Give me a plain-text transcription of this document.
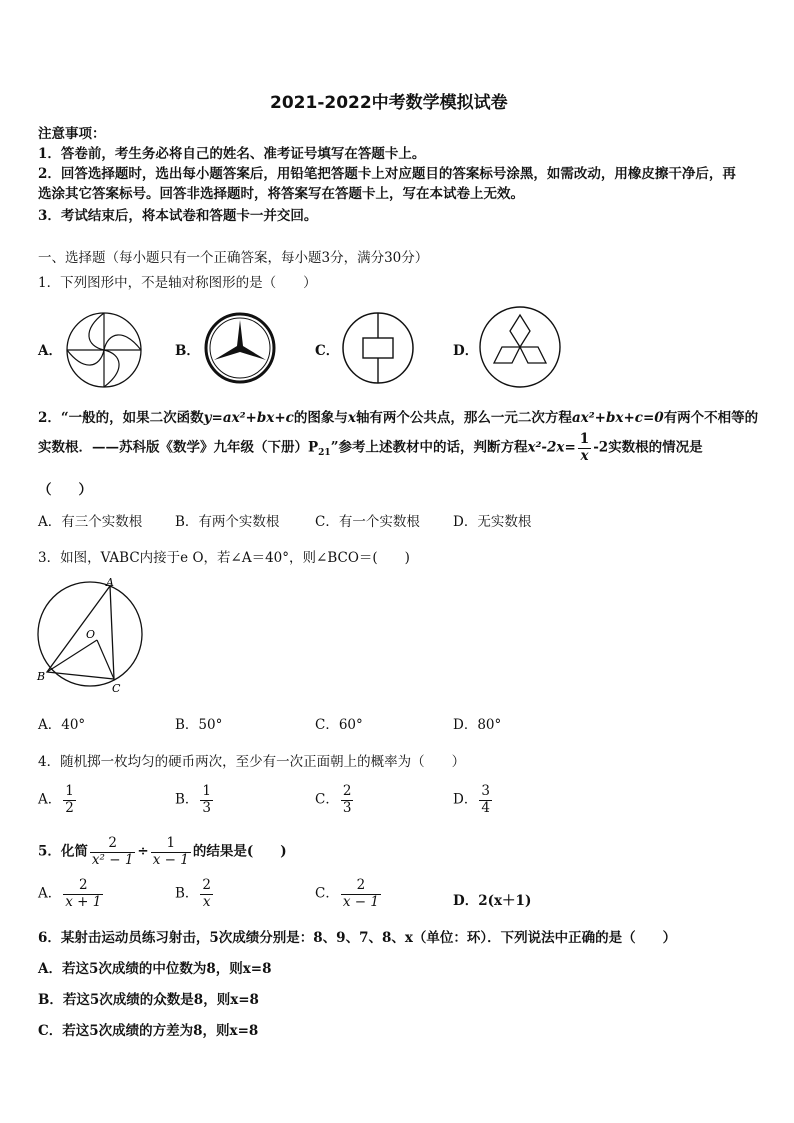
2021-2022中考数学模拟试卷
注意事项：
1．答卷前，考生务必将自己的姓名、准考证号填写在答题卡上。
2．回答选择题时，选出每小题答案后，用铅笔把答题卡上对应题目的答案标号涂黑，如需改动，用橡皮擦干净后，再
选涂其它答案标号。回答非选择题时，将答案写在答题卡上，写在本试卷上无效。
3．考试结束后，将本试卷和答题卡一并交回。
一、选择题（每小题只有一个正确答案，每小题3分，满分30分）
1．下列图形中，不是轴对称图形的是（　　）
A．	B．	C．	D．
2．“一般的，如果二次函数y=ax²+bx+c的图象与x轴有两个公共点，那么一元二次方程ax²+bx+c=0有两个不相等的
实数根．——苏科版《数学》九年级（下册）$P_{21}$”参考上述教材中的话，判断方程$x^2-2x= \frac{1}{x} -2$实数根的情况是
（　　）
A．有三个实数根 B．有两个实数根	C．有一个实数根 D．无实数根
3．如图，VABC内接于e O，若∠A＝40°，则∠BCO＝(　　)
A
O
B
C
A．40°	B．50°	C．60°	D．80°
4．随机掷一枚均匀的硬币两次，至少有一次正面朝上的概率为（　　）
A． $\frac{1}{2}$	B． $\frac{1}{3}$	C． $\frac{2}{3}$	D． $\frac{3}{4}$
5．化简 $\frac{2}{\text{x² − 1}} \div \frac{1}{x - 1}$ 的结果是(　　)
A． $\frac{2}{x + 1}$	B． $\frac{2}{x}$	C． $\frac{2}{x - 1}$	D．2(x＋1)
6．某射击运动员练习射击，5次成绩分别是：8、9、7、8、x（单位：环）．下列说法中正确的是（　　）
A．若这5次成绩的中位数为8，则x=8
B．若这5次成绩的众数是8，则x=8
C．若这5次成绩的方差为8，则x=8
